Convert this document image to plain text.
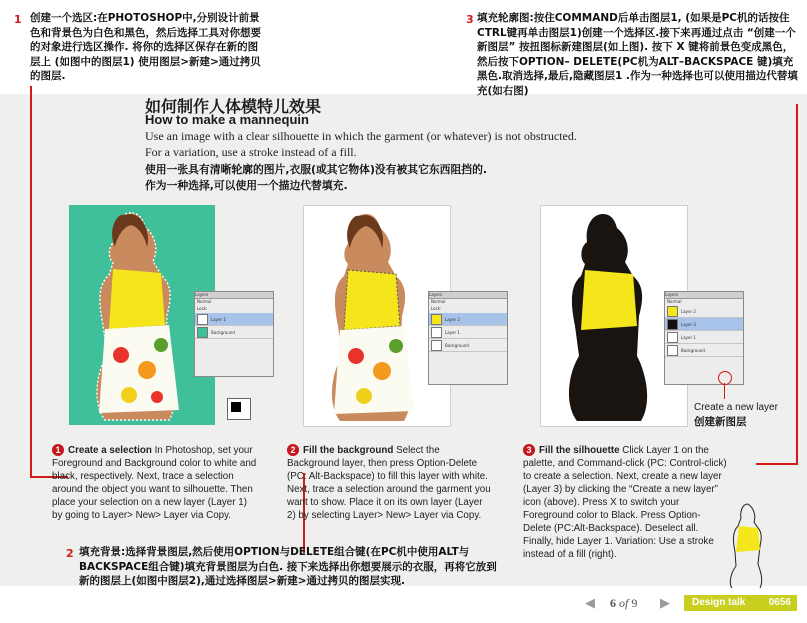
1 创建一个选区:在PHOTOSHOP中,分别设计前景色和背景色为白色和黑色，然后选择工具对你想要的对象进行选区操作. 将你的选择区保存在新的图层上 (如图中的图层1) 使用图层>新建>通过拷贝的图层.
3 填充轮廓图:按住COMMAND后单击图层1, (如果是PC机的话按住CTRL键再单击图层1)创建一个选择区.接下来再通过点击 “创建一个新图层” 按扭图标新建图层(如上图). 按下 X 键将前景色变成黑色，然后按下OPTION– DELETE(PC机为ALT–BACKSPACE 键)填充黑色.取消选择,最后,隐藏图层1 .作为一种选择也可以使用描边代替填充(如右图)
如何制作人体模特儿效果
How to make a mannequin
Use an image with a clear silhouette in which the garment (or whatever) is not obstructed.
For a variation, use a stroke instead of a fill.
使用一张具有清晰轮廓的图片,衣服(或其它物体)没有被其它东西阻挡的.
作为一种选择,可以使用一个描边代替填充.
Layers
Normal
Lock:
Layer 1
Background
Layers
Normal
Lock:
Layer 2
Layer 1
Background
Layers
Normal
Layer 2
Layer 3
Layer 1
Background
Create a new layer
创建新图层
1 Create a selection In Photoshop, set your Foreground and Background color to white and black, respectively. Next, trace a selection around the object you want to silhouette. Then place your selection on a new layer (Layer 1) by going to Layer> New> Layer via Copy.
2 Fill the background Select the Background layer, then press Option-Delete (PC: Alt-Backspace) to fill this layer with white. Next, trace a selection around the garment you want to show. Place it on its own layer (Layer 2) by selecting Layer> New> Layer via Copy.
3 Fill the silhouette Click Layer 1 on the palette, and Command-click (PC: Control-click) to create a selection. Next, create a new layer (Layer 3) by clicking the “Create a new layer” icon (above). Press X to switch your Foreground color to Black. Press Option-Delete (PC:Alt-Backspace). Deselect all. Finally, hide Layer 1. Variation: Use a stroke instead of a fill (right).
2 填充背景:选择背景图层,然后使用OPTION与DELETE组合键(在PC机中使用ALT与BACKSPACE组合键)填充背景图层为白色. 接下来选择出你想要展示的衣服，再将它放到新的图层上(如图中图层2),通过选择图层>新建>通过拷贝的图层实现.
◀ 6 of 9 ▶	Design talk 0656
